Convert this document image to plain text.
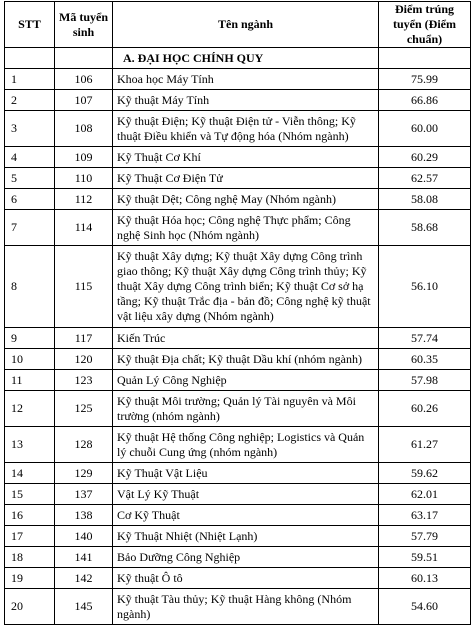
STT	Mã tuyển sinh	Tên ngành	Điểm trúng tuyển (Điểm chuẩn)
		A. ĐẠI HỌC CHÍNH QUY	
1	106	Khoa học Máy Tính	75.99
2	107	Kỹ thuật Máy Tính	66.86
3	108	Kỹ thuật Điện; Kỹ thuật Điện tử - Viễn thông; Kỹ thuật Điều khiển và Tự động hóa (Nhóm ngành)	60.00
4	109	Kỹ Thuật Cơ Khí	60.29
5	110	Kỹ Thuật Cơ Điện Tử	62.57
6	112	Kỹ thuật Dệt; Công nghệ May (Nhóm ngành)	58.08
7	114	Kỹ thuật Hóa học; Công nghệ Thực phẩm; Công nghệ Sinh học (Nhóm ngành)	58.68
8	115	Kỹ thuật Xây dựng; Kỹ thuật Xây dựng Công trình giao thông; Kỹ thuật Xây dựng Công trình thủy; Kỹ thuật Xây dựng Công trình biển; Kỹ thuật Cơ sở hạ tầng; Kỹ thuật Trắc địa - bản đồ; Công nghệ kỹ thuật vật liệu xây dựng (Nhóm ngành)	56.10
9	117	Kiến Trúc	57.74
10	120	Kỹ thuật Địa chất; Kỹ thuật Dầu khí (nhóm ngành)	60.35
11	123	Quản Lý Công Nghiệp	57.98
12	125	Kỹ thuật Môi trường; Quản lý Tài nguyên và Môi trường (nhóm ngành)	60.26
13	128	Kỹ thuật Hệ thống Công nghiệp; Logistics và Quản lý chuỗi Cung ứng (nhóm ngành)	61.27
14	129	Kỹ Thuật Vật Liệu	59.62
15	137	Vật Lý Kỹ Thuật	62.01
16	138	Cơ Kỹ Thuật	63.17
17	140	Kỹ Thuật Nhiệt (Nhiệt Lạnh)	57.79
18	141	Bảo Dưỡng Công Nghiệp	59.51
19	142	Kỹ thuật Ô tô	60.13
20	145	Kỹ thuật Tàu thủy; Kỹ thuật Hàng không (Nhóm ngành)	54.60
